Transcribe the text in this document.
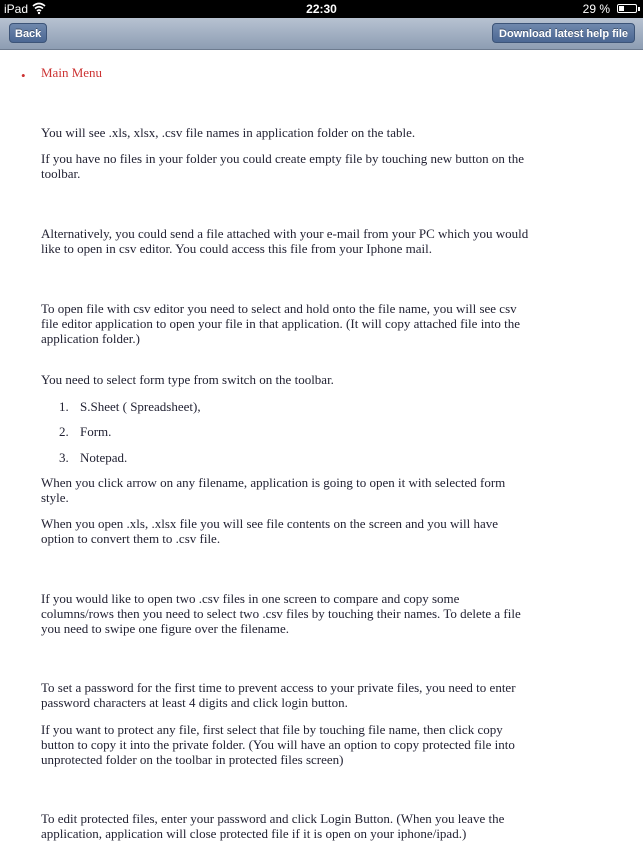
iPad	22:30	29 %
Back	Download latest help file
• Main Menu
You will see .xls, xlsx, .csv file names in application folder on the table.
If you have no files in your folder you could create empty file by touching new button on the toolbar.
Alternatively, you could send a file attached with your e-mail from your PC which you would like to open in csv editor. You could access this file from your Iphone mail.
To open file with csv editor you need to select and hold onto the file name, you will see csv file editor application to open your file in that application. (It will copy attached file into the application folder.)
You need to select form type from switch on the toolbar.
1. S.Sheet ( Spreadsheet),
2. Form.
3. Notepad.
When you click arrow on any filename, application is going to open it with selected form style.
When you open .xls, .xlsx file you will see file contents on the screen and you will have option to convert them to .csv file.
If you would like to open two .csv files in one screen to compare and copy some columns/rows then you need to select two .csv files by touching their names. To delete a file you need to swipe one figure over the filename.
To set a password for the first time to prevent access to your private files, you need to enter password characters at least 4 digits and click login button.
If you want to protect any file, first select that file by touching file name, then click copy button to copy it into the private folder. (You will have an option to copy protected file into unprotected folder on the toolbar in protected files screen)
To edit protected files, enter your password and click Login Button. (When you leave the application, application will close protected file if it is open on your iphone/ipad.)
